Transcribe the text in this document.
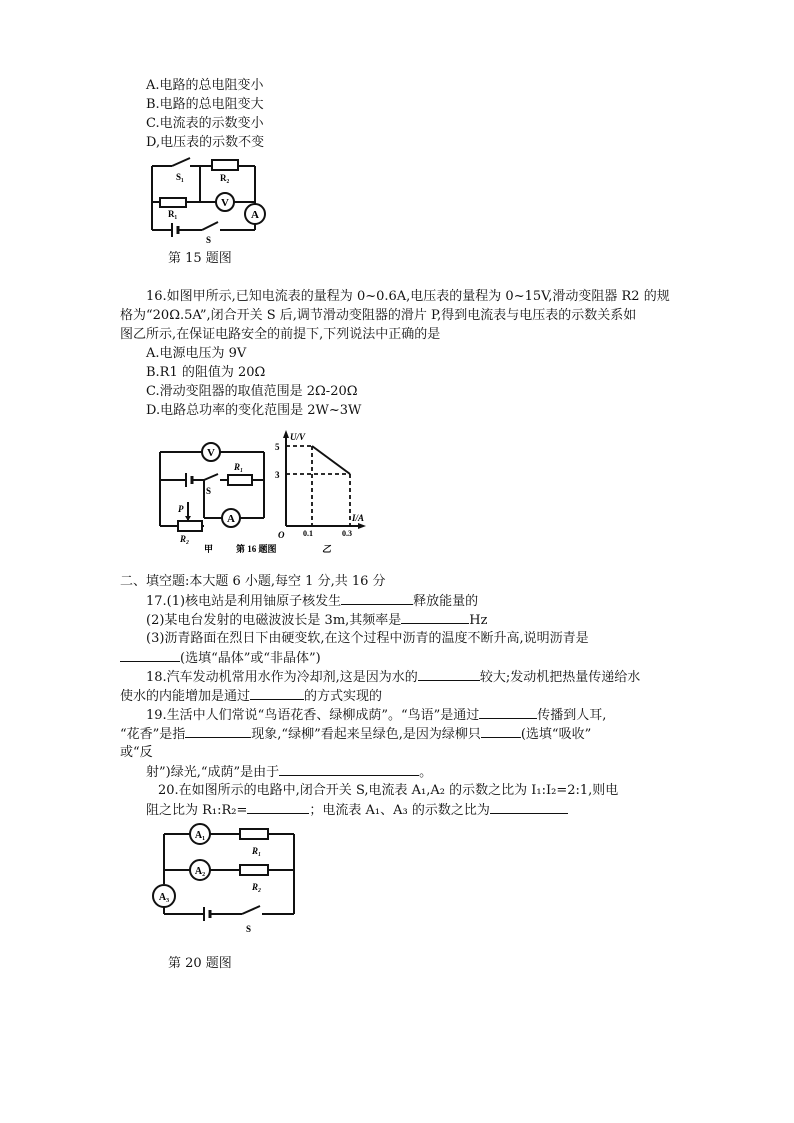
A.电路的总电阻变小
B.电路的总电阻变大
C.电流表的示数变小
D,电压表的示数不变
V
A
S₁	R₂
R₁
S
第 15 题图
16.如图甲所示,已知电流表的量程为 0~0.6A,电压表的量程为 0~15V,滑动变阻器 R2 的规
格为“20Ω.5A”,闭合开关 S 后,调节滑动变阻器的滑片 P,得到电流表与电压表的示数关系如
图乙所示,在保证电路安全的前提下,下列说法中正确的是
A.电源电压为 9V
B.R1 的阻值为 20Ω
C.滑动变阻器的取值范围是 2Ω-20Ω
D.电路总功率的变化范围是 2W~3W
V
A
R₁
S
P
R₂
甲
U/V
I/A
5
3
O 0.1	0.3
第 16 题图	乙
二、填空题:本大题 6 小题,每空 1 分,共 16 分
17.(1)核电站是利用铀原子核发生	释放能量的
(2)某电台发射的电磁波波长是 3m,其频率是	Hz
(3)沥青路面在烈日下由硬变软,在这个过程中沥青的温度不断升高,说明沥青是
(选填“晶体”或“非晶体”)
18.汽车发动机常用水作为冷却剂,这是因为水的	较大;发动机把热量传递给水
使水的内能增加是通过	的方式实现的
19.生活中人们常说“鸟语花香、绿柳成荫”。“鸟语”是通过	传播到人耳,
“花香”是指	现象,“绿柳”看起来呈绿色,是因为绿柳只	(选填“吸收”
或“反
射”)绿光,“成荫”是由于	。
20.在如图所示的电路中,闭合开关 S,电流表 A₁,A₂ 的示数之比为 I₁:I₂=2:1,则电
阻之比为 R₁:R₂=	；电流表 A₁、A₃ 的示数之比为
A₁
A₂
A₃
R₁
R₂
S
第 20 题图
